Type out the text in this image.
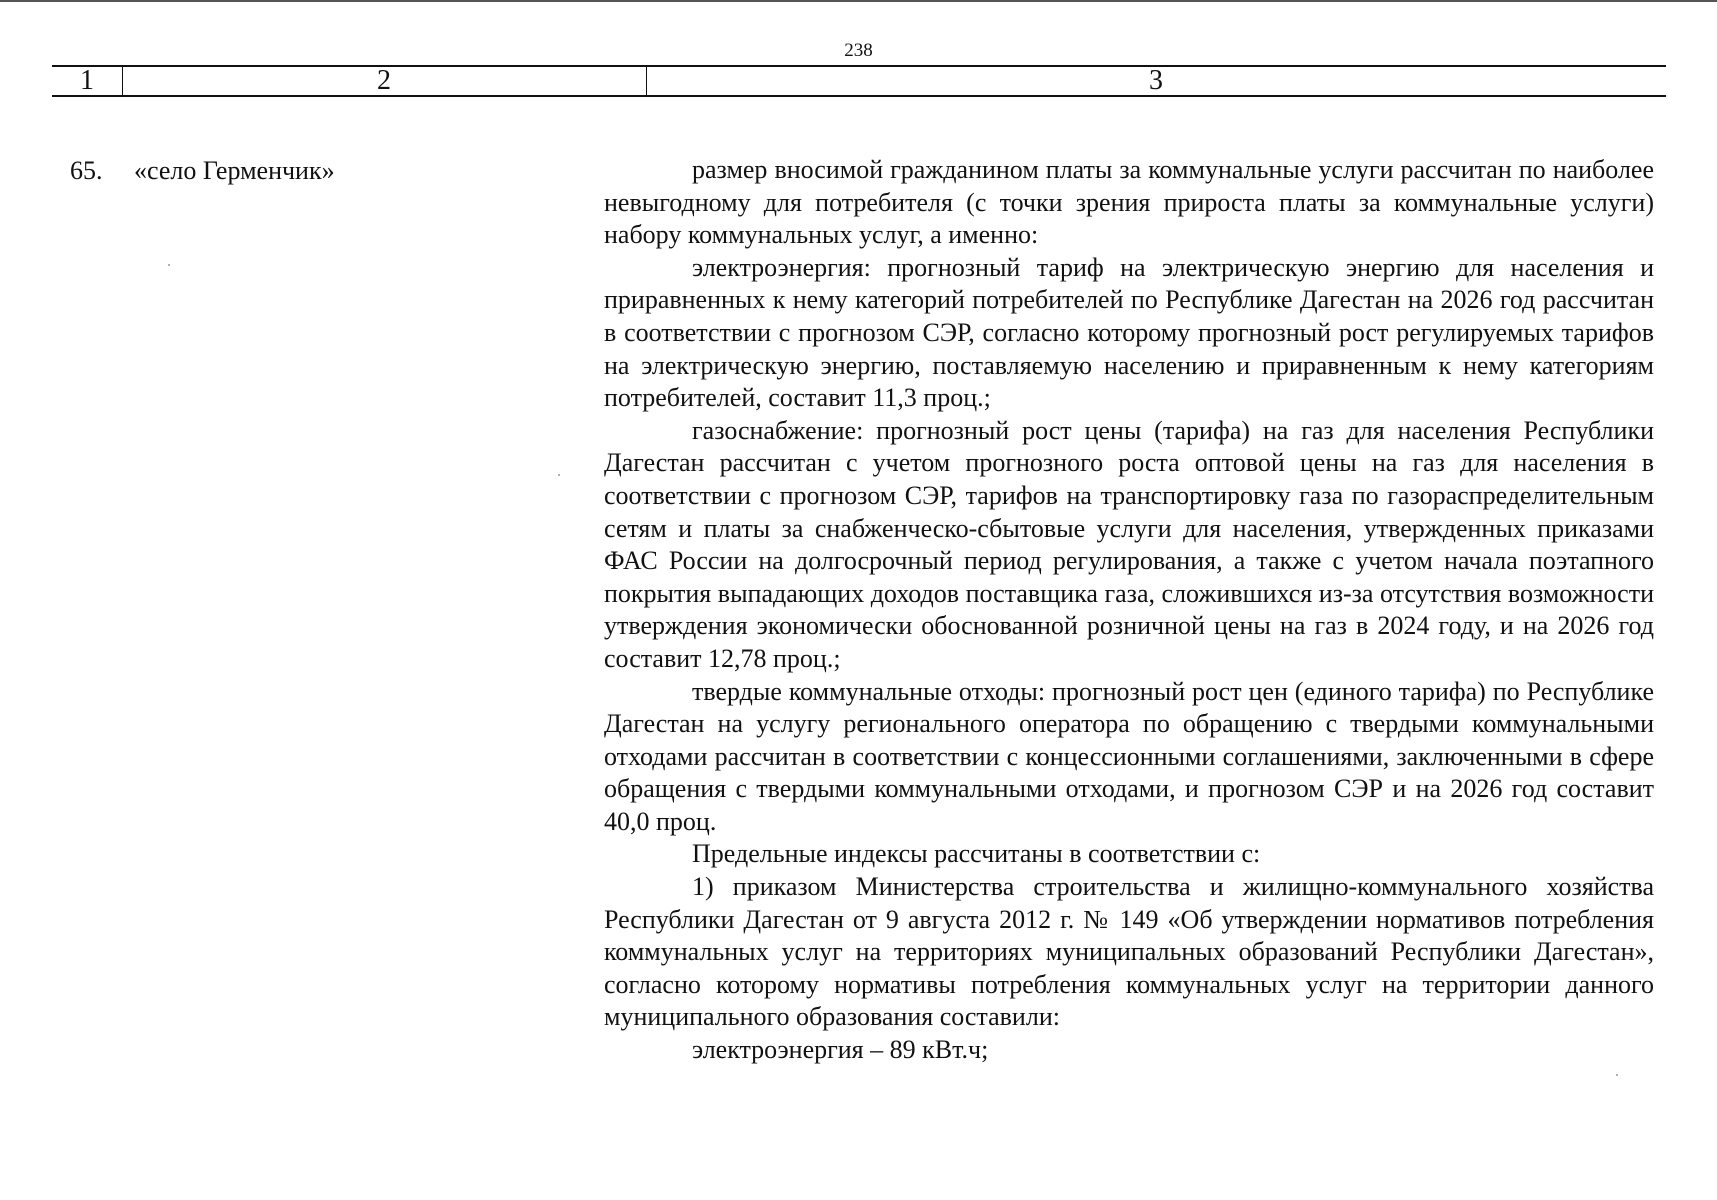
238
1	2	3
65. «село Герменчик»	размер вносимой гражданином платы за коммунальные услуги рассчитан по наиболее невыгодному для потребителя (с точки зрения прироста платы за коммунальные услуги) набору коммунальных услуг, а именно:

электроэнергия: прогнозный тариф на электрическую энергию для населения и приравненных к нему категорий потребителей по Республике Дагестан на 2026 год рассчитан в соответствии с прогнозом СЭР, согласно которому прогнозный рост регулируемых тарифов на электрическую энергию, поставляемую населению и приравненным к нему категориям потребителей, составит 11,3 проц.;

газоснабжение: прогнозный рост цены (тарифа) на газ для населения Республики Дагестан рассчитан с учетом прогнозного роста оптовой цены на газ для населения в соответствии с прогнозом СЭР, тарифов на транспортировку газа по газораспределительным сетям и платы за снабженческо-сбытовые услуги для населения, утвержденных приказами ФАС России на долгосрочный период регулирования, а также с учетом начала поэтапного покрытия выпадающих доходов поставщика газа, сложившихся из-за отсутствия возможности утверждения экономически обоснованной розничной цены на газ в 2024 году, и на 2026 год составит 12,78 проц.;

твердые коммунальные отходы: прогнозный рост цен (единого тарифа) по Республике Дагестан на услугу регионального оператора по обращению с твердыми коммунальными отходами рассчитан в соответствии с концессионными соглашениями, заключенными в сфере обращения с твердыми коммунальными отходами, и прогнозом СЭР и на 2026 год составит 40,0 проц.

Предельные индексы рассчитаны в соответствии с:

1) приказом Министерства строительства и жилищно-коммунального хозяйства Республики Дагестан от 9 августа 2012 г. № 149 «Об утверждении нормативов потребления коммунальных услуг на территориях муниципальных образований Республики Дагестан», согласно которому нормативы потребления коммунальных услуг на территории данного муниципального образования составили:

электроэнергия – 89 кВт.ч;
